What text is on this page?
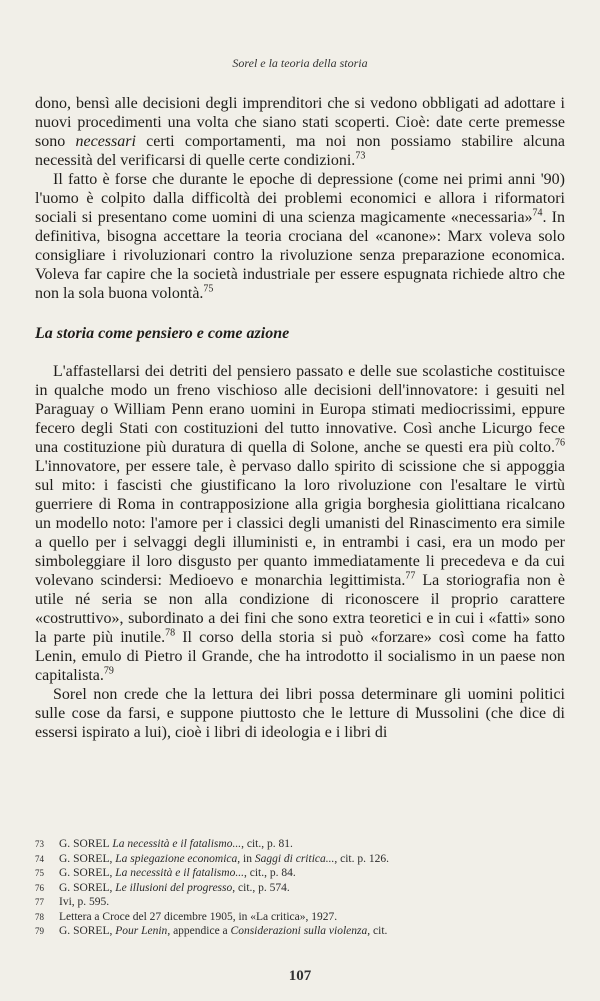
Sorel e la teoria della storia

dono, bensì alle decisioni degli imprenditori che si vedono obbligati ad adottare i nuovi procedimenti una volta che siano stati scoperti. Cioè: date certe premesse sono necessari certi comportamenti, ma noi non possiamo stabilire alcuna necessità del verificarsi di quelle certe condizioni.$^{73}$

Il fatto è forse che durante le epoche di depressione (come nei primi anni '90) l'uomo è colpito dalla difficoltà dei problemi economici e allora i riformatori sociali si presentano come uomini di una scienza magicamente «necessaria»$^{74}$. In definitiva, bisogna accettare la teoria crociana del «canone»: Marx voleva solo consigliare i rivoluzionari contro la rivoluzione senza preparazione economica. Voleva far capire che la società industriale per essere espugnata richiede altro che non la sola buona volontà.$^{75}$

La storia come pensiero e come azione

L'affastellarsi dei detriti del pensiero passato e delle sue scolastiche costituisce in qualche modo un freno vischioso alle decisioni dell'innovatore: i gesuiti nel Paraguay o William Penn erano uomini in Europa stimati mediocrissimi, eppure fecero degli Stati con costituzioni del tutto innovative. Così anche Licurgo fece una costituzione più duratura di quella di Solone, anche se questi era più colto.$^{76}$ L'innovatore, per essere tale, è pervaso dallo spirito di scissione che si appoggia sul mito: i fascisti che giustificano la loro rivoluzione con l'esaltare le virtù guerriere di Roma in contrapposizione alla grigia borghesia giolittiana ricalcano un modello noto: l'amore per i classici degli umanisti del Rinascimento era simile a quello per i selvaggi degli illuministi e, in entrambi i casi, era un modo per simboleggiare il loro disgusto per quanto immediatamente li precedeva e da cui volevano scindersi: Medioevo e monarchia legittimista.$^{77}$ La storiografia non è utile né seria se non alla condizione di riconoscere il proprio carattere «costruttivo», subordinato a dei fini che sono extra teoretici e in cui i «fatti» sono la parte più inutile.$^{78}$ Il corso della storia si può «forzare» così come ha fatto Lenin, emulo di Pietro il Grande, che ha introdotto il socialismo in un paese non capitalista.$^{79}$

Sorel non crede che la lettura dei libri possa determinare gli uomini politici sulle cose da farsi, e suppone piuttosto che le letture di Mussolini (che dice di essersi ispirato a lui), cioè i libri di ideologia e i libri di

73	G. SOREL La necessità e il fatalismo..., cit., p. 81.
74	G. SOREL, La spiegazione economica, in Saggi di critica..., cit. p. 126.
75	G. SOREL, La necessità e il fatalismo..., cit., p. 84.
76	G. SOREL, Le illusioni del progresso, cit., p. 574.
77	Ivi, p. 595.
78	Lettera a Croce del 27 dicembre 1905, in «La critica», 1927.
79	G. SOREL, Pour Lenin, appendice a Considerazioni sulla violenza, cit.
107
